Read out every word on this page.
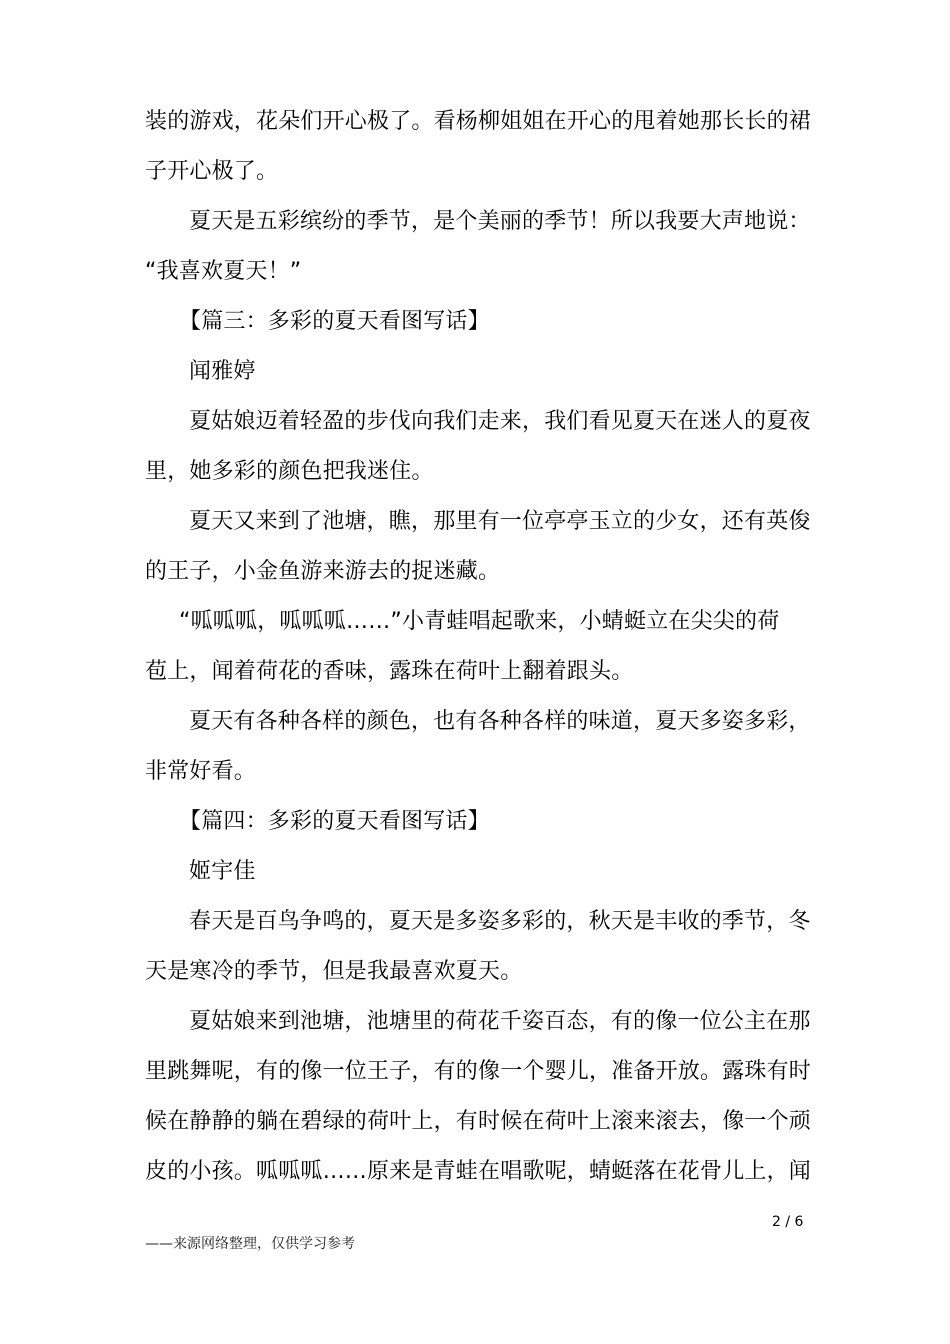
装的游戏，花朵们开心极了。看杨柳姐姐在开心的甩着她那长长的裙
子开心极了。
夏天是五彩缤纷的季节，是个美丽的季节！所以我要大声地说：
“我喜欢夏天！”
【篇三：多彩的夏天看图写话】
闻雅婷
夏姑娘迈着轻盈的步伐向我们走来，我们看见夏天在迷人的夏夜
里，她多彩的颜色把我迷住。
夏天又来到了池塘，瞧，那里有一位亭亭玉立的少女，还有英俊
的王子，小金鱼游来游去的捉迷藏。
“呱呱呱，呱呱呱……”小青蛙唱起歌来，小蜻蜓立在尖尖的荷
苞上，闻着荷花的香味，露珠在荷叶上翻着跟头。
夏天有各种各样的颜色，也有各种各样的味道，夏天多姿多彩，
非常好看。
【篇四：多彩的夏天看图写话】
姬宇佳
春天是百鸟争鸣的，夏天是多姿多彩的，秋天是丰收的季节，冬
天是寒冷的季节，但是我最喜欢夏天。
夏姑娘来到池塘，池塘里的荷花千姿百态，有的像一位公主在那
里跳舞呢，有的像一位王子，有的像一个婴儿，准备开放。露珠有时
候在静静的躺在碧绿的荷叶上，有时候在荷叶上滚来滚去，像一个顽
皮的小孩。呱呱呱……原来是青蛙在唱歌呢，蜻蜓落在花骨儿上，闻
2 / 6
——来源网络整理，仅供学习参考
